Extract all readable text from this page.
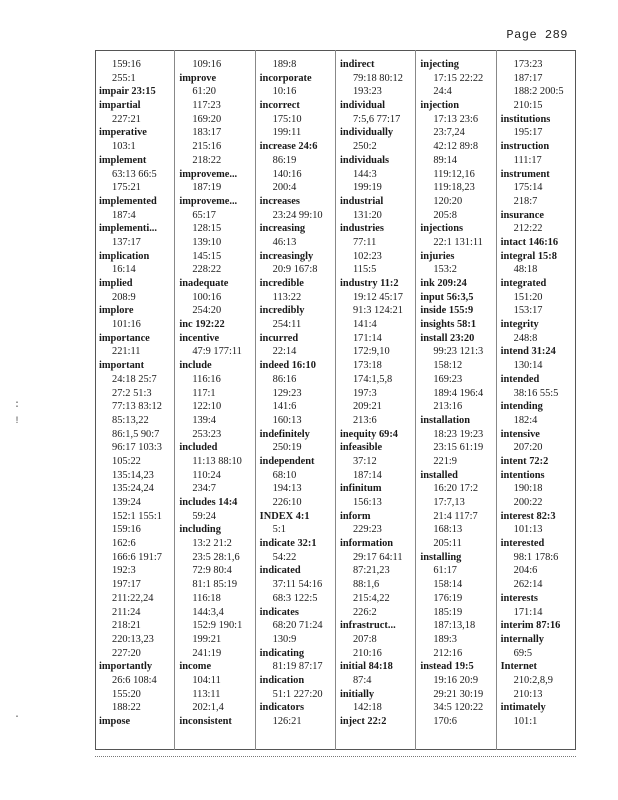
Page 289
:
!
·
159:16
255:1
impair 23:15
impartial
227:21
imperative
103:1
implement
63:13 66:5
175:21
implemented
187:4
implementi...
137:17
implication
16:14
implied
208:9
implore
101:16
importance
221:11
important
24:18 25:7
27:2 51:3
77:13 83:12
85:13,22
86:1,5 90:7
96:17 103:3
105:22
135:14,23
135:24,24
139:24
152:1 155:1
159:16
162:6
166:6 191:7
192:3
197:17
211:22,24
211:24
218:21
220:13,23
227:20
importantly
26:6 108:4
155:20
188:22
impose
109:16
improve
61:20
117:23
169:20
183:17
215:16
218:22
improveme...
187:19
improveme...
65:17
128:15
139:10
145:15
228:22
inadequate
100:16
254:20
inc 192:22
incentive
47:9 177:11
include
116:16
117:1
122:10
139:4
253:23
included
11:13 88:10
110:24
234:7
includes 14:4
59:24
including
13:2 21:2
23:5 28:1,6
72:9 80:4
81:1 85:19
116:18
144:3,4
152:9 190:1
199:21
241:19
income
104:11
113:11
202:1,4
inconsistent
189:8
incorporate
10:16
incorrect
175:10
199:11
increase 24:6
86:19
140:16
200:4
increases
23:24 99:10
increasing
46:13
increasingly
20:9 167:8
incredible
113:22
incredibly
254:11
incurred
22:14
indeed 16:10
86:16
129:23
141:6
160:13
indefinitely
250:19
independent
68:10
194:13
226:10
INDEX 4:1
5:1
indicate 32:1
54:22
indicated
37:11 54:16
68:3 122:5
indicates
68:20 71:24
130:9
indicating
81:19 87:17
indication
51:1 227:20
indicators
126:21
indirect
79:18 80:12
193:23
individual
7:5,6 77:17
individually
250:2
individuals
144:3
199:19
industrial
131:20
industries
77:11
102:23
115:5
industry 11:2
19:12 45:17
91:3 124:21
141:4
171:14
172:9,10
173:18
174:1,5,8
197:3
209:21
213:6
inequity 69:4
infeasible
37:12
187:14
infinitum
156:13
inform
229:23
information
29:17 64:11
87:21,23
88:1,6
215:4,22
226:2
infrastruct...
207:8
210:16
initial 84:18
87:4
initially
142:18
inject 22:2
injecting
17:15 22:22
24:4
injection
17:13 23:6
23:7,24
42:12 89:8
89:14
119:12,16
119:18,23
120:20
205:8
injections
22:1 131:11
injuries
153:2
ink 209:24
input 56:3,5
inside 155:9
insights 58:1
install 23:20
99:23 121:3
158:12
169:23
189:4 196:4
213:16
installation
18:23 19:23
23:15 61:19
221:9
installed
16:20 17:2
17:7,13
21:4 117:7
168:13
205:11
installing
61:17
158:14
176:19
185:19
187:13,18
189:3
212:16
instead 19:5
19:16 20:9
29:21 30:19
34:5 120:22
170:6
173:23
187:17
188:2 200:5
210:15
institutions
195:17
instruction
111:17
instrument
175:14
218:7
insurance
212:22
intact 146:16
integral 15:8
48:18
integrated
151:20
153:17
integrity
248:8
intend 31:24
130:14
intended
38:16 55:5
intending
182:4
intensive
207:20
intent 72:2
intentions
190:18
200:22
interest 82:3
101:13
interested
98:1 178:6
204:6
262:14
interests
171:14
interim 87:16
internally
69:5
Internet
210:2,8,9
210:13
intimately
101:1
